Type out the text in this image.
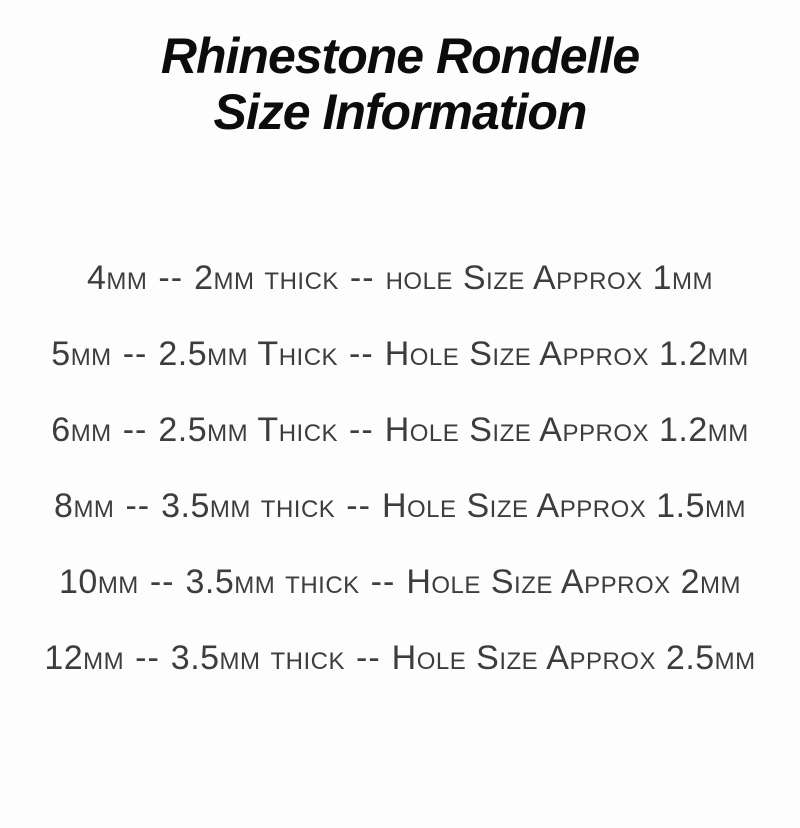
Rhinestone Rondelle
Size Information
4mm -- 2mm thick -- hole Size Approx 1mm
5mm -- 2.5mm Thick -- Hole Size Approx 1.2mm
6mm -- 2.5mm Thick -- Hole Size Approx 1.2mm
8mm -- 3.5mm thick -- Hole Size Approx 1.5mm
10mm -- 3.5mm thick -- Hole Size Approx 2mm
12mm -- 3.5mm thick -- Hole Size Approx 2.5mm
